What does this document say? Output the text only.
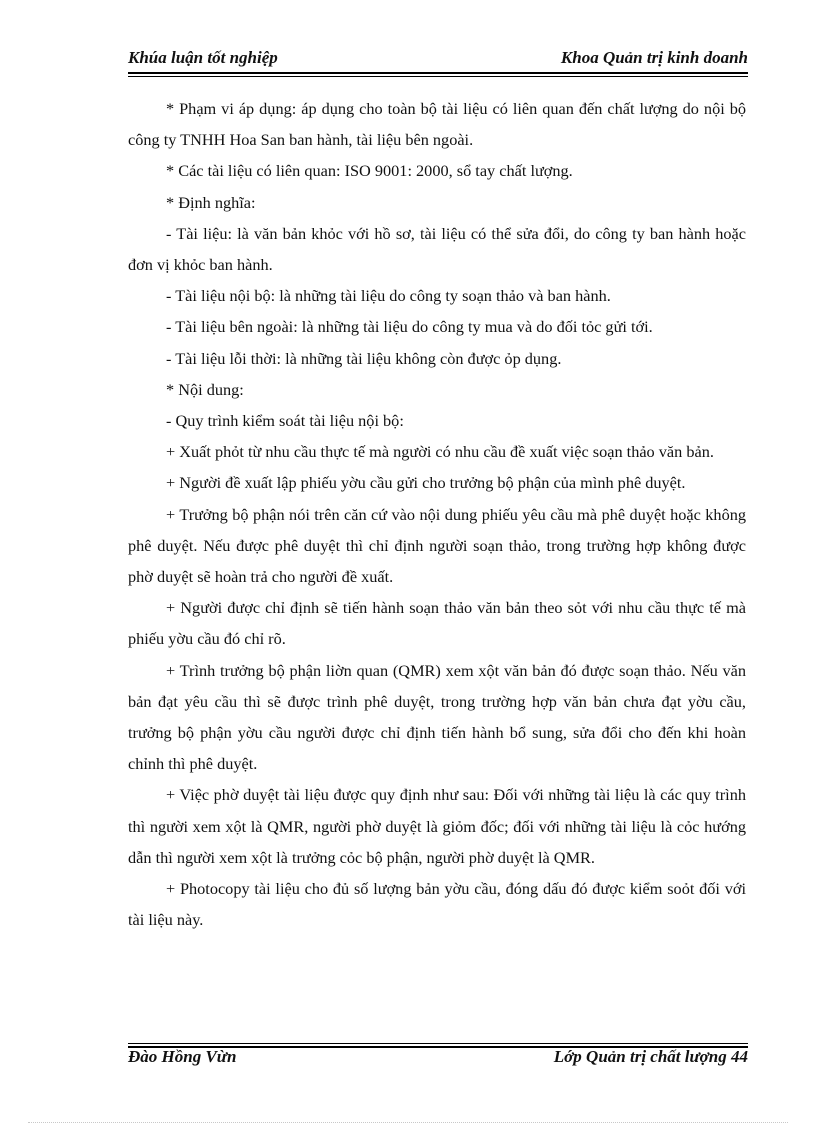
Khúa luận tốt nghiệp	Khoa Quản trị kinh doanh

* Phạm vi áp dụng: áp dụng cho toàn bộ tài liệu có liên quan đến chất lượng do nội bộ công ty TNHH Hoa San ban hành, tài liệu bên ngoài.

* Các tài liệu có liên quan: ISO 9001: 2000, sổ tay chất lượng.

* Định nghĩa:

- Tài liệu: là văn bản khỏc với hồ sơ, tài liệu có thể sửa đổi, do công ty ban hành hoặc đơn vị khỏc ban hành.

- Tài liệu nội bộ: là những tài liệu do công ty soạn thảo và ban hành.

- Tài liệu bên ngoài: là những tài liệu do công ty mua và do đối tỏc gửi tới.

- Tài liệu lỗi thời: là những tài liệu không còn được ỏp dụng.

* Nội dung:

- Quy trình kiểm soát tài liệu nội bộ:

+ Xuất phỏt từ nhu cầu thực tế mà người có nhu cầu đề xuất việc soạn thảo văn bản.

+ Người đề xuất lập phiếu yờu cầu gửi cho trưởng bộ phận của mình phê duyệt.

+ Trưởng bộ phận nói trên căn cứ vào nội dung phiếu yêu cầu mà phê duyệt hoặc không phê duyệt. Nếu được phê duyệt thì chỉ định người soạn thảo, trong trường hợp không được phờ duyệt sẽ hoàn trả cho người đề xuất.

+ Người được chỉ định sẽ tiến hành soạn thảo văn bản theo sỏt với nhu cầu thực tế mà phiếu yờu cầu đó chỉ rõ.

+ Trình trưởng bộ phận liờn quan (QMR) xem xột văn bản đó được soạn thảo. Nếu văn bản đạt yêu cầu thì sẽ được trình phê duyệt, trong trường hợp văn bản chưa đạt yờu cầu, trưởng bộ phận yờu cầu người được chỉ định tiến hành bổ sung, sửa đổi cho đến khi hoàn chỉnh thì phê duyệt.

+ Việc phờ duyệt tài liệu được quy định như sau: Đối với những tài liệu là các quy trình thì người xem xột là QMR, người phờ duyệt là giỏm đốc; đối với những tài liệu là cỏc hướng dẫn thì người xem xột là trưởng cỏc bộ phận, người phờ duyệt là QMR.

+ Photocopy tài liệu cho đủ số lượng bản yờu cầu, đóng dấu đó được kiểm soỏt đối với tài liệu này.

Đào Hồng Vừn	Lớp Quản trị chất lượng 44
